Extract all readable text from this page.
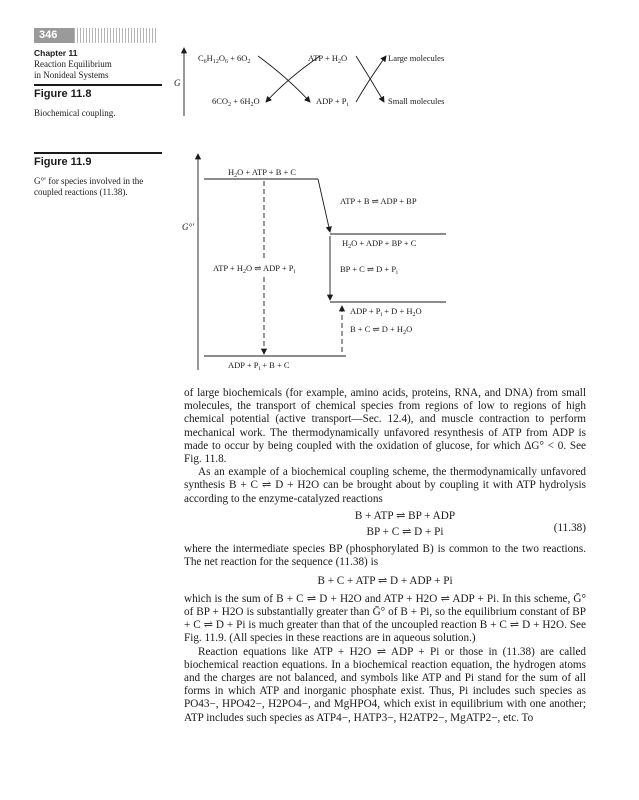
346
Chapter 11
Reaction Equilibrium
in Nonideal Systems
Figure 11.8
Biochemical coupling.
G
$C_6H_{12}O_6 + 6O_2$
$6CO_2 + 6H_2O$
ATP + $H_2O$
ADP + $P_i$
Large molecules
Small molecules
Figure 11.9
G°′ for species involved in the
coupled reactions (11.38).
G°′
$H_2O$ + ATP + B + C
ATP + B ⇌ ADP + BP
$H_2O$ + ADP + BP + C
ATP + $H_2O$ ⇌ ADP + $P_i$	BP + C ⇌ $D + P_i$
ADP + $P_i + D + H_2O$
B + C ⇌ $D + H_2O$
ADP + $P_i + B + C$

of large biochemicals (for example, amino acids, proteins, RNA, and DNA) from small molecules, the transport of chemical species from regions of low to regions of high chemical potential (active transport—Sec. 12.4), and muscle contraction to perform mechanical work. The thermodynamically unfavored resynthesis of ATP from ADP is made to occur by being coupled with the oxidation of glucose, for which ΔG° < 0. See Fig. 11.8.

As an example of a biochemical coupling scheme, the thermodynamically unfavored synthesis B + C ⇌ D + H2O can be brought about by coupling it with ATP hydrolysis according to the enzyme-catalyzed reactions

B + ATP ⇌ BP + ADP
BP + C ⇌ D + Pi	(11.38)

where the intermediate species BP (phosphorylated B) is common to the two reactions. The net reaction for the sequence (11.38) is

B + C + ATP ⇌ D + ADP + Pi

which is the sum of B + C ⇌ D + H2O and ATP + H2O ⇌ ADP + Pi. In this scheme, Ḡ° of BP + H2O is substantially greater than Ḡ° of B + Pi, so the equilibrium constant of BP + C ⇌ D + Pi is much greater than that of the uncoupled reaction B + C ⇌ D + H2O. See Fig. 11.9. (All species in these reactions are in aqueous solution.)

Reaction equations like ATP + H2O ⇌ ADP + Pi or those in (11.38) are called biochemical reaction equations. In a biochemical reaction equation, the hydrogen atoms and the charges are not balanced, and symbols like ATP and Pi stand for the sum of all forms in which ATP and inorganic phosphate exist. Thus, Pi includes such species as PO43−, HPO42−, H2PO4−, and MgHPO4, which exist in equilibrium with one another; ATP includes such species as ATP4−, HATP3−, H2ATP2−, MgATP2−, etc. To
